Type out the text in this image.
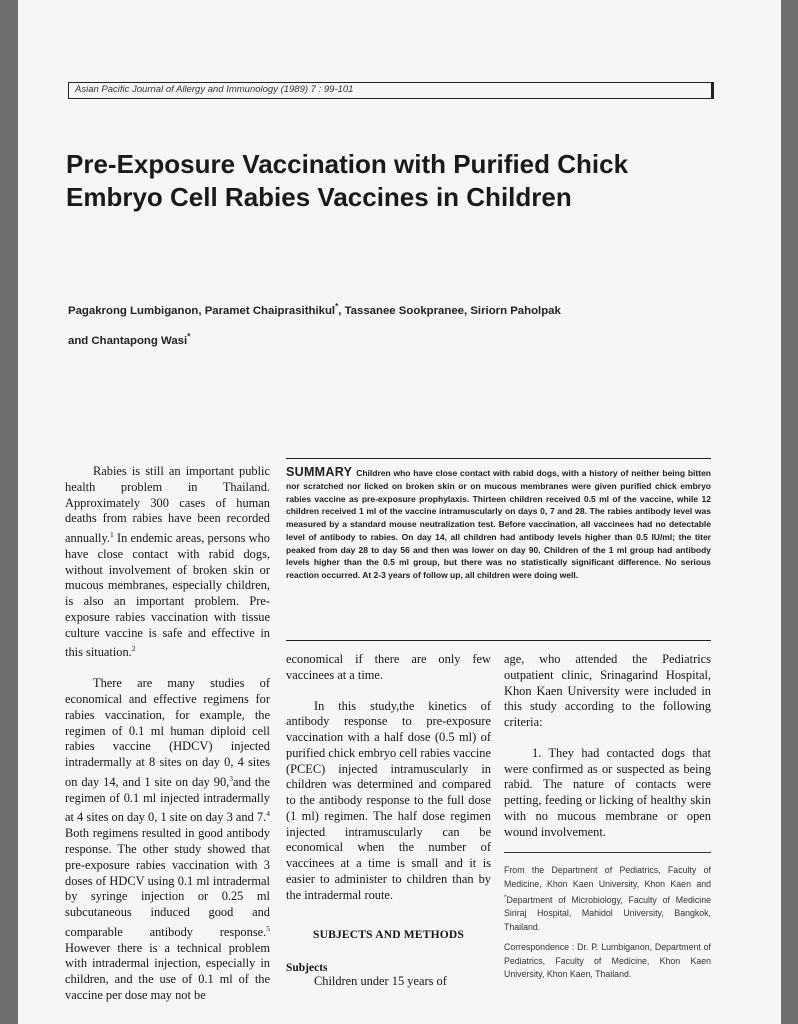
Asian Pacific Journal of Allergy and Immunology (1989) 7 : 99-101
Pre-Exposure Vaccination with Purified Chick Embryo Cell Rabies Vaccines in Children
Pagakrong Lumbiganon, Paramet Chaiprasithikul*, Tassanee Sookpranee, Siriorn Paholpak
and Chantapong Wasi*

Rabies is still an important public health problem in Thailand. Approximately 300 cases of human deaths from rabies have been recorded annually.$^1$ In endemic areas, persons who have close contact with rabid dogs, without involvement of broken skin or mucous membranes, especially children, is also an important problem. Pre-exposure rabies vaccination with tissue culture vaccine is safe and effective in this situation.$^2$

There are many studies of economical and effective regimens for rabies vaccination, for example, the regimen of 0.1 ml human diploid cell rabies vaccine (HDCV) injected intradermally at 8 sites on day 0, 4 sites on day 14, and 1 site on day 90,$^3$and the regimen of 0.1 ml injected intradermally at 4 sites on day 0, 1 site on day 3 and 7.$^4$ Both regimens resulted in good antibody response. The other study showed that pre-exposure rabies vaccination with 3 doses of HDCV using 0.1 ml intradermal by syringe injection or 0.25 ml subcutaneous induced good and comparable antibody response.$^5$ However there is a technical problem with intradermal injection, especially in children, and the use of 0.1 ml of the vaccine per dose may not be

SUMMARY Children who have close contact with rabid dogs, with a history of neither being bitten nor scratched nor licked on broken skin or on mucous membranes were given purified chick embryo rabies vaccine as pre-exposure prophylaxis. Thirteen children received 0.5 ml of the vaccine, while 12 children received 1 ml of the vaccine intramuscularly on days 0, 7 and 28. The rabies antibody level was measured by a standard mouse neutralization test. Before vaccination, all vaccinees had no detectable level of antibody to rabies. On day 14, all children had antibody levels higher than 0.5 IU/ml; the titer peaked from day 28 to day 56 and then was lower on day 90. Children of the 1 ml group had antibody levels higher than the 0.5 ml group, but there was no statistically significant difference. No serious reaction occurred. At 2-3 years of follow up, all children were doing well.

economical if there are only few vaccinees at a time.

In this study,the kinetics of antibody response to pre-exposure vaccination with a half dose (0.5 ml) of purified chick embryo cell rabies vaccine (PCEC) injected intramuscularly in children was determined and compared to the antibody response to the full dose (1 ml) regimen. The half dose regimen injected intramuscularly can be economical when the number of vaccinees at a time is small and it is easier to administer to children than by the intradermal route.

SUBJECTS AND METHODS
Subjects

Children under 15 years of

age, who attended the Pediatrics outpatient clinic, Srinagarind Hospital, Khon Kaen University were included in this study according to the following criteria:

1. They had contacted dogs that were confirmed as or suspected as being rabid. The nature of contacts were petting, feeding or licking of healthy skin with no mucous membrane or open wound involvement.

From the Department of Pediatrics, Faculty of Medicine, Khon Kaen University, Khon Kaen and *Department of Microbiology, Faculty of Medicine Siriraj Hospital, Mahidol University, Bangkok, Thailand.
Correspondence : Dr. P. Lumbiganon, Department of Pediatrics, Faculty of Medicine, Khon Kaen University, Khon Kaen, Thailand.
